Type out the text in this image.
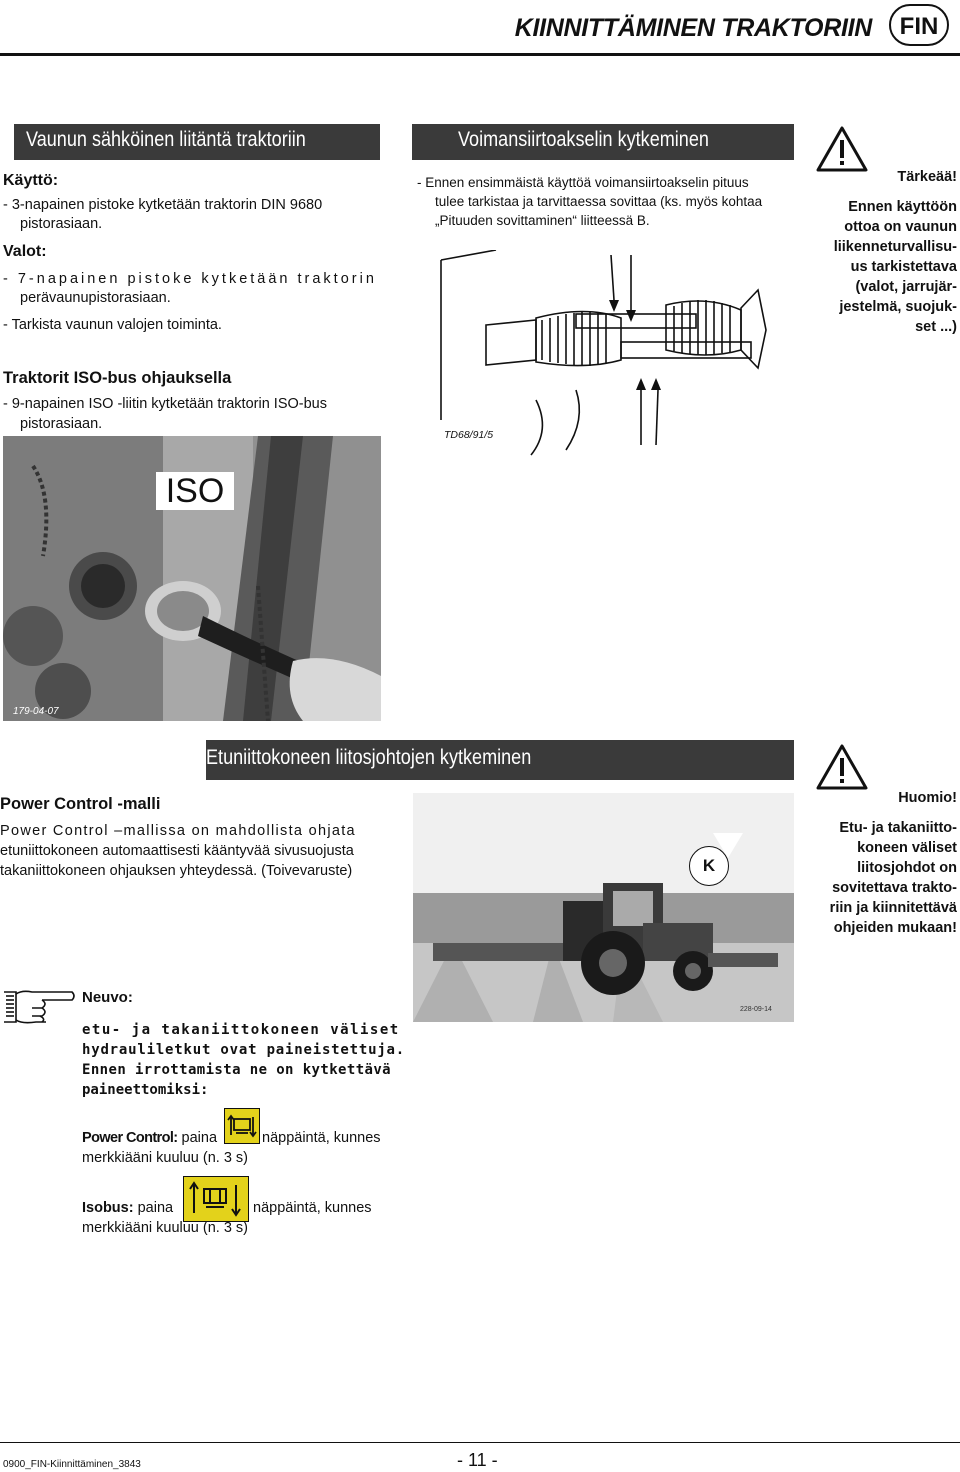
KIINNITTÄMINEN TRAKTORIIN	FIN
Vaunun sähköinen liitäntä traktoriin
Käyttö:
- 3-napainen pistoke kytketään traktorin DIN 9680
pistorasiaan.
Valot:
- 7-napainen pistoke kytketään traktorin
perävaunupistorasiaan.
- Tarkista vaunun valojen toiminta.
Traktorit ISO-bus ohjauksella
- 9-napainen ISO -liitin kytketään traktorin ISO-bus
pistorasiaan.
ISO
179-04-07
Voimansiirtoakselin kytkeminen
- Ennen ensimmäistä käyttöä voimansiirtoakselin pituus
tulee tarkistaa ja tarvittaessa sovittaa (ks. myös kohtaa
„Pituuden sovittaminen“ liitteessä B.
TD68/91/5
Tärkeää!
Ennen käyttöön
ottoa on vaunun
liikenneturvallisu-
us tarkistettava
(valot, jarrujär-
jestelmä, suojuk-
set ...)
Etuniittokoneen liitosjohtojen kytkeminen
Power Control -malli
Power Control –mallissa on mahdollista ohjata
etuniittokoneen automaattisesti kääntyvää sivusuojusta
takaniittokoneen ohjauksen yhteydessä. (Toivevaruste)	K
228-09-14
Huomio!
Etu- ja takaniitto-
koneen väliset
liitosjohdot on
sovitettava trakto-
riin ja kiinnitettävä
ohjeiden mukaan!
Neuvo:
etu- ja takaniittokoneen väliset
hydrauliletkut ovat paineistettuja.
Ennen irrottamista ne on kytkettävä
paineettomiksi:
Power Control: paina	näppäintä, kunnes
merkkiääni kuuluu (n. 3 s)
Isobus: paina	näppäintä, kunnes
merkkiääni kuuluu (n. 3 s)
0900_FIN-Kiinnittäminen_3843	- 11 -
